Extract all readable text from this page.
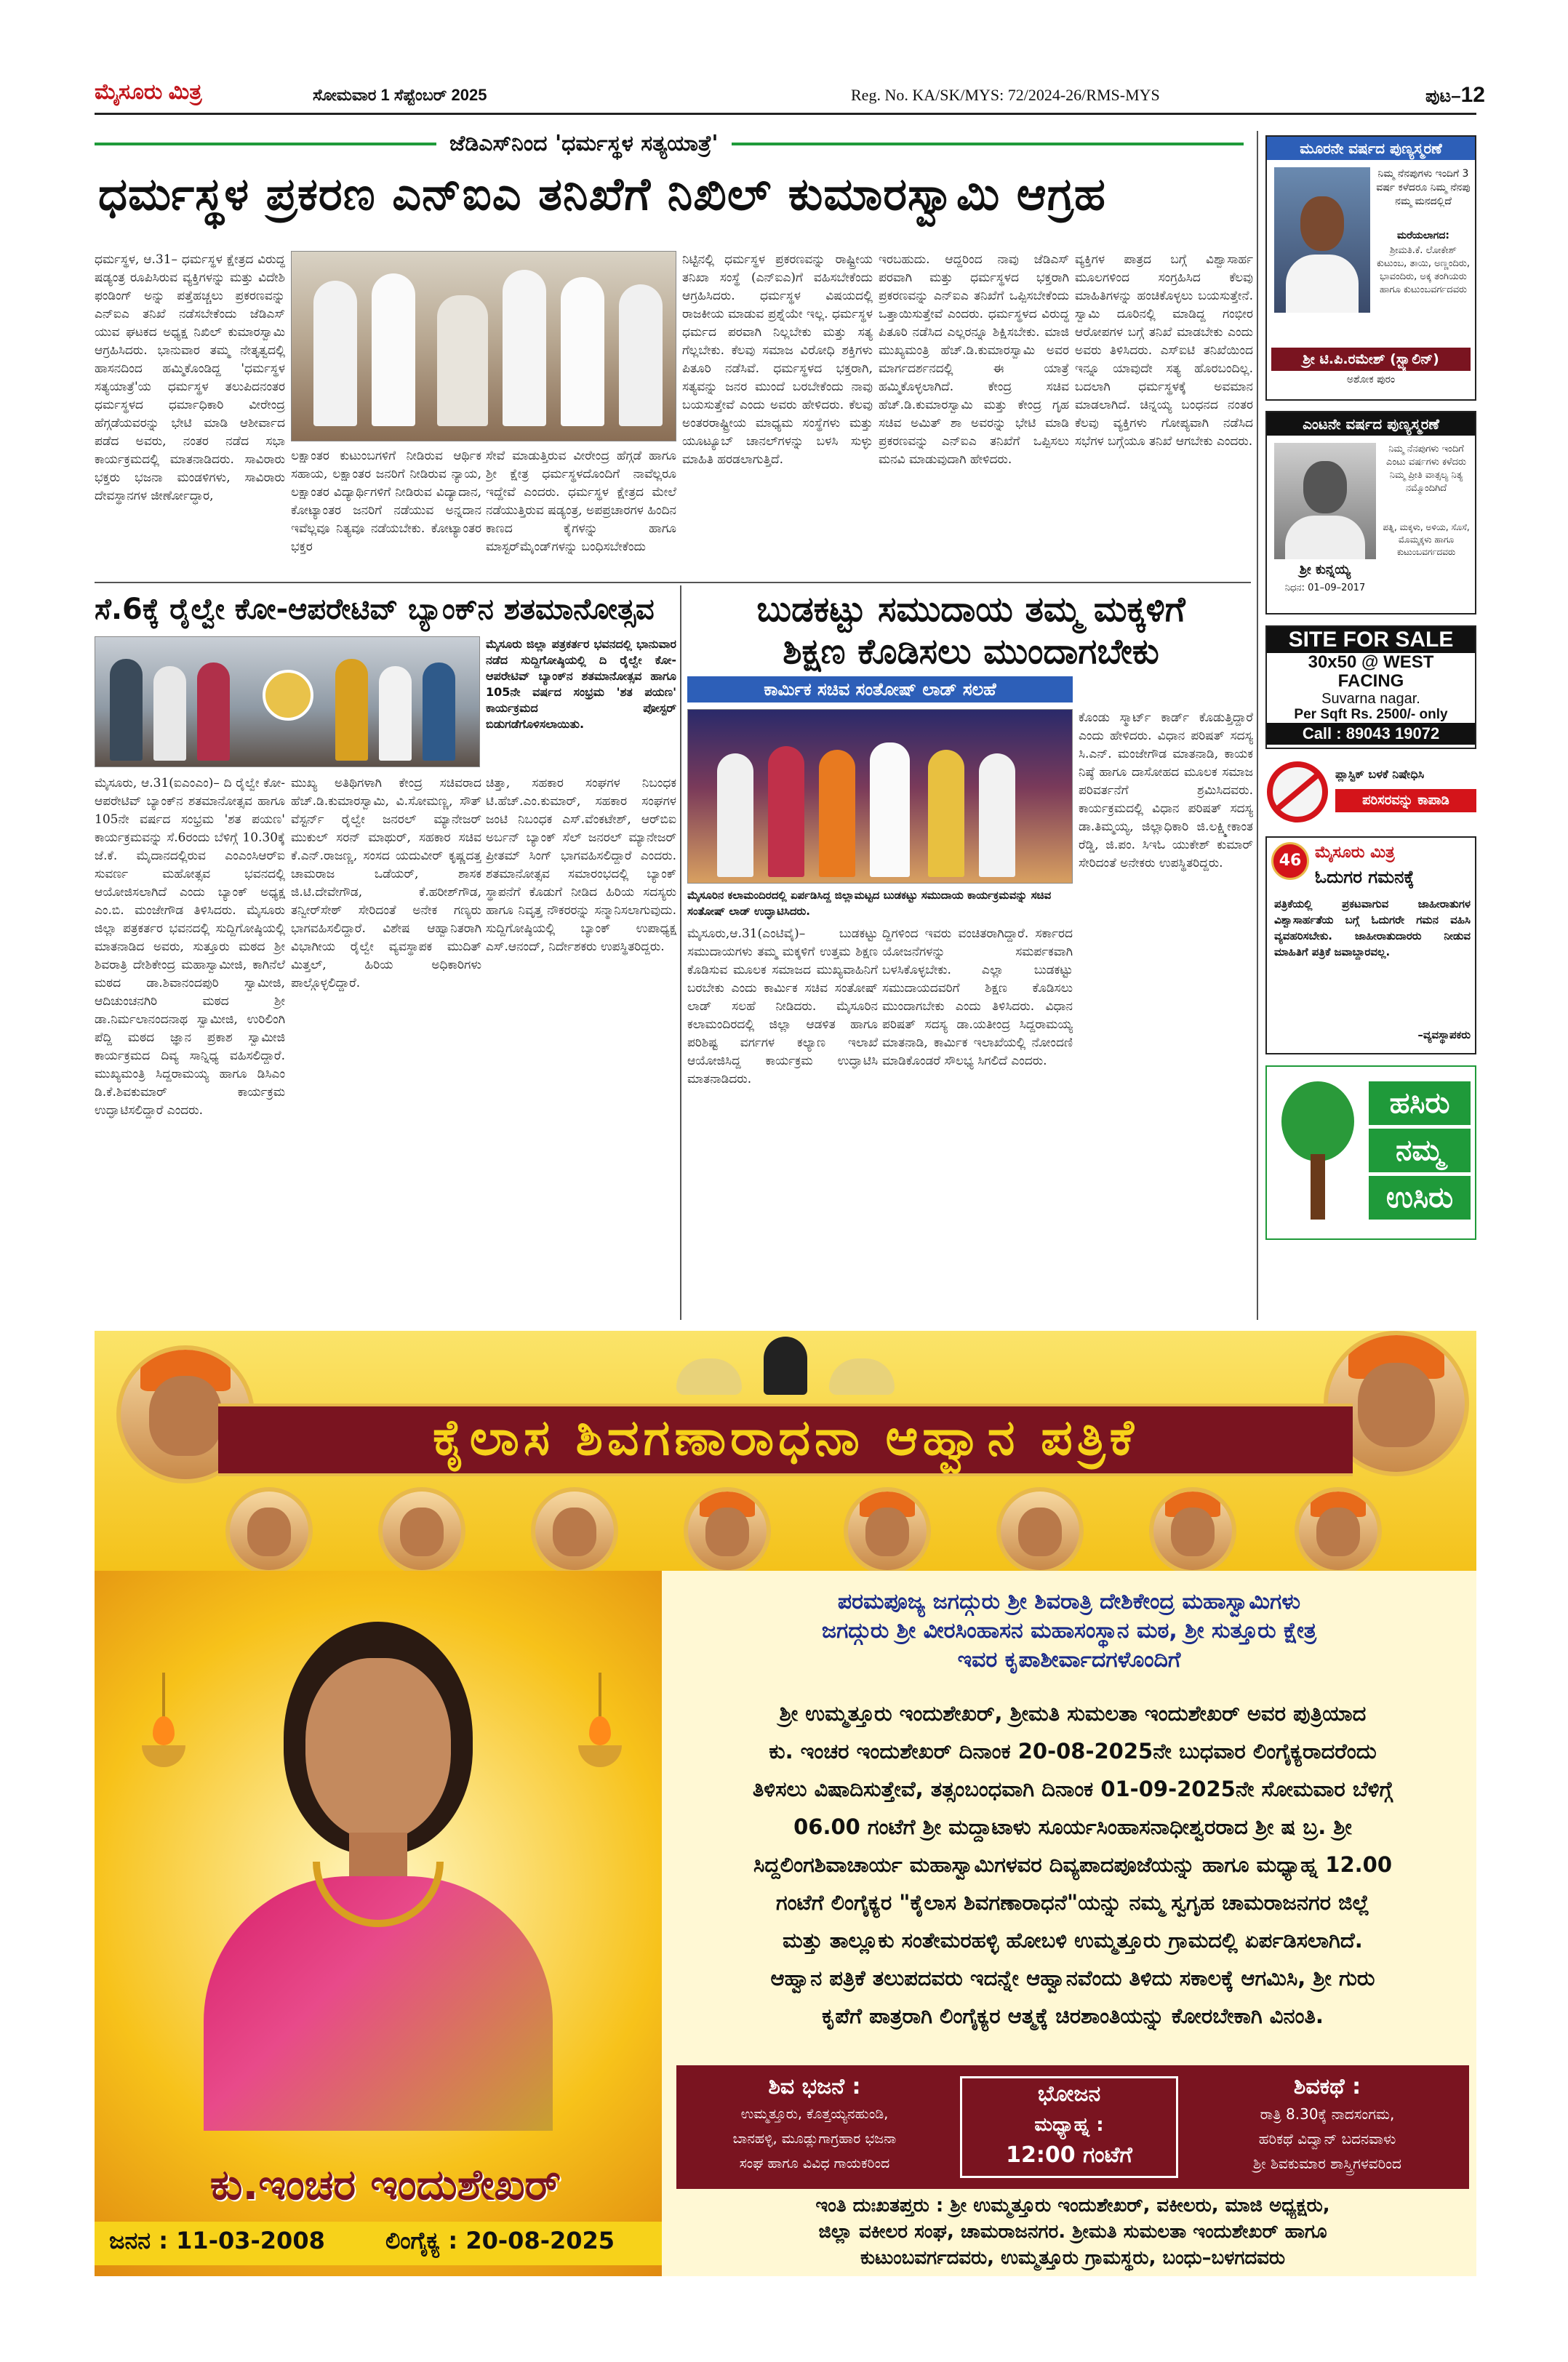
ಮೈಸೂರು ಮಿತ್ರ	ಸೋಮವಾರ 1 ಸೆಪ್ಟೆಂಬರ್ 2025	Reg. No. KA/SK/MYS: 72/2024-26/RMS-MYS	ಪುಟ–12
ಜೆಡಿಎಸ್‌ನಿಂದ 'ಧರ್ಮಸ್ಥಳ ಸತ್ಯಯಾತ್ರೆ'
ಧರ್ಮಸ್ಥಳ ಪ್ರಕರಣ ಎನ್‌ಐಎ ತನಿಖೆಗೆ ನಿಖಿಲ್ ಕುಮಾರಸ್ವಾಮಿ ಆಗ್ರಹ
ಧರ್ಮಸ್ಥಳ, ಆ.31– ಧರ್ಮಸ್ಥಳ ಕ್ಷೇತ್ರದ ವಿರುದ್ಧ ಷಡ್ಯಂತ್ರ ರೂಪಿಸಿರುವ ವ್ಯಕ್ತಿಗಳನ್ನು ಮತ್ತು ವಿದೇಶಿ ಫಂಡಿಂಗ್ ಅನ್ನು ಪತ್ತೆಹಚ್ಚಲು ಪ್ರಕರಣವನ್ನು ಎನ್‌ಐಎ ತನಿಖೆ ನಡೆಸಬೇಕೆಂದು ಜೆಡಿಎಸ್ ಯುವ ಘಟಕದ ಅಧ್ಯಕ್ಷ ನಿಖಿಲ್ ಕುಮಾರಸ್ವಾಮಿ ಆಗ್ರಹಿಸಿದರು. ಭಾನುವಾರ ತಮ್ಮ ನೇತೃತ್ವದಲ್ಲಿ ಹಾಸನದಿಂದ ಹಮ್ಮಿಕೊಂಡಿದ್ದ 'ಧರ್ಮಸ್ಥಳ ಸತ್ಯಯಾತ್ರೆ'ಯ ಧರ್ಮಸ್ಥಳ ತಲುಪಿದನಂತರ ಧರ್ಮಸ್ಥಳದ ಧರ್ಮಾಧಿಕಾರಿ ವೀರೇಂದ್ರ ಹೆಗ್ಗಡೆಯವರನ್ನು ಭೇಟಿ ಮಾಡಿ ಆಶೀರ್ವಾದ ಪಡೆದ ಅವರು, ನಂತರ ನಡೆದ ಸಭಾ ಕಾರ್ಯಕ್ರಮದಲ್ಲಿ ಮಾತನಾಡಿದರು. ಸಾವಿರಾರು ಭಕ್ತರು ಭಜನಾ ಮಂಡಳಿಗಳು, ಸಾವಿರಾರು ದೇವಸ್ಥಾನಗಳ ಜೀರ್ಣೋದ್ಧಾರ,
ಲಕ್ಷಾಂತರ ಕುಟುಂಬಗಳಿಗೆ ನೀಡಿರುವ ಆರ್ಥಿಕ ಸಹಾಯ, ಲಕ್ಷಾಂತರ ಜನರಿಗೆ ನೀಡಿರುವ ನ್ಯಾಯ, ಲಕ್ಷಾಂತರ ವಿದ್ಯಾರ್ಥಿಗಳಿಗೆ ನೀಡಿರುವ ವಿದ್ಯಾದಾನ, ಕೋಟ್ಯಾಂತರ ಜನರಿಗೆ ನಡೆಯುವ ಅನ್ನದಾನ ಇವೆಲ್ಲವೂ ನಿತ್ಯವೂ ನಡೆಯಬೇಕು. ಕೋಟ್ಯಾಂತರ ಭಕ್ತರ
ಸೇವೆ ಮಾಡುತ್ತಿರುವ ವೀರೇಂದ್ರ ಹೆಗ್ಗಡೆ ಹಾಗೂ ಶ್ರೀ ಕ್ಷೇತ್ರ ಧರ್ಮಸ್ಥಳದೊಂದಿಗೆ ನಾವೆಲ್ಲರೂ ಇದ್ದೇವೆ ಎಂದರು. ಧರ್ಮಸ್ಥಳ ಕ್ಷೇತ್ರದ ಮೇಲೆ ನಡೆಯುತ್ತಿರುವ ಷಡ್ಯಂತ್ರ, ಅಪಪ್ರಚಾರಗಳ ಹಿಂದಿನ ಕಾಣದ ಕೈಗಳನ್ನು ಹಾಗೂ ಮಾಸ್ಟರ್‌ಮೈಂಡ್‌ಗಳನ್ನು ಬಂಧಿಸಬೇಕೆಂದು
ನಿಟ್ಟಿನಲ್ಲಿ ಧರ್ಮಸ್ಥಳ ಪ್ರಕರಣವನ್ನು ರಾಷ್ಟ್ರೀಯ ತನಿಖಾ ಸಂಸ್ಥೆ (ಎನ್‌ಐಎ)ಗೆ ವಹಿಸಬೇಕೆಂದು ಆಗ್ರಹಿಸಿದರು. ಧರ್ಮಸ್ಥಳ ವಿಷಯದಲ್ಲಿ ರಾಜಕೀಯ ಮಾಡುವ ಪ್ರಶ್ನೆಯೇ ಇಲ್ಲ. ಧರ್ಮಸ್ಥಳ ಧರ್ಮದ ಪರವಾಗಿ ನಿಲ್ಲಬೇಕು ಮತ್ತು ಸತ್ಯ ಗೆಲ್ಲಬೇಕು. ಕೆಲವು ಸಮಾಜ ವಿರೋಧಿ ಶಕ್ತಿಗಳು ಪಿತೂರಿ ನಡೆಸಿವೆ. ಧರ್ಮಸ್ಥಳದ ಭಕ್ತರಾಗಿ, ಸತ್ಯವನ್ನು ಜನರ ಮುಂದೆ ಬರಬೇಕೆಂದು ನಾವು ಬಯಸುತ್ತೇವೆ ಎಂದು ಅವರು ಹೇಳಿದರು. ಕೆಲವು ಅಂತರರಾಷ್ಟ್ರೀಯ ಮಾಧ್ಯಮ ಸಂಸ್ಥೆಗಳು ಮತ್ತು ಯೂಟ್ಯೂಬ್ ಚಾನಲ್‌ಗಳನ್ನು ಬಳಸಿ ಸುಳ್ಳು ಮಾಹಿತಿ ಹರಡಲಾಗುತ್ತಿದೆ.
ಇರಬಹುದು. ಆದ್ದರಿಂದ ನಾವು ಜೆಡಿಎಸ್ ಪರವಾಗಿ ಮತ್ತು ಧರ್ಮಸ್ಥಳದ ಭಕ್ತರಾಗಿ ಪ್ರಕರಣವನ್ನು ಎನ್‌ಐಎ ತನಿಖೆಗೆ ಒಪ್ಪಿಸಬೇಕೆಂದು ಒತ್ತಾಯಿಸುತ್ತೇವೆ ಎಂದರು. ಧರ್ಮಸ್ಥಳದ ವಿರುದ್ಧ ಪಿತೂರಿ ನಡೆಸಿದ ಎಲ್ಲರನ್ನೂ ಶಿಕ್ಷಿಸಬೇಕು. ಮಾಜಿ ಮುಖ್ಯಮಂತ್ರಿ ಹೆಚ್.ಡಿ.ಕುಮಾರಸ್ವಾಮಿ ಅವರ ಮಾರ್ಗದರ್ಶನದಲ್ಲಿ ಈ ಯಾತ್ರೆ ಹಮ್ಮಿಕೊಳ್ಳಲಾಗಿದೆ. ಕೇಂದ್ರ ಸಚಿವ ಹೆಚ್.ಡಿ.ಕುಮಾರಸ್ವಾಮಿ ಮತ್ತು ಕೇಂದ್ರ ಗೃಹ ಸಚಿವ ಅಮಿತ್ ಶಾ ಅವರನ್ನು ಭೇಟಿ ಮಾಡಿ ಪ್ರಕರಣವನ್ನು ಎನ್‌ಐಎ ತನಿಖೆಗೆ ಒಪ್ಪಿಸಲು ಮನವಿ ಮಾಡುವುದಾಗಿ ಹೇಳಿದರು.
ವ್ಯಕ್ತಿಗಳ ಪಾತ್ರದ ಬಗ್ಗೆ ವಿಶ್ವಾಸಾರ್ಹ ಮೂಲಗಳಿಂದ ಸಂಗ್ರಹಿಸಿದ ಕೆಲವು ಮಾಹಿತಿಗಳನ್ನು ಹಂಚಿಕೊಳ್ಳಲು ಬಯಸುತ್ತೇನೆ. ಸ್ವಾಮಿ ದೂರಿನಲ್ಲಿ ಮಾಡಿದ್ದ ಗಂಭೀರ ಆರೋಪಗಳ ಬಗ್ಗೆ ತನಿಖೆ ಮಾಡಬೇಕು ಎಂದು ಅವರು ತಿಳಿಸಿದರು. ಎಸ್‌ಐಟಿ ತನಿಖೆಯಿಂದ ಇನ್ನೂ ಯಾವುದೇ ಸತ್ಯ ಹೊರಬಂದಿಲ್ಲ. ಬದಲಾಗಿ ಧರ್ಮಸ್ಥಳಕ್ಕೆ ಅವಮಾನ ಮಾಡಲಾಗಿದೆ. ಚಿನ್ನಯ್ಯ ಬಂಧನದ ನಂತರ ಕೆಲವು ವ್ಯಕ್ತಿಗಳು ಗೋಪ್ಯವಾಗಿ ನಡೆಸಿದ ಸಭೆಗಳ ಬಗ್ಗೆಯೂ ತನಿಖೆ ಆಗಬೇಕು ಎಂದರು.
ಸೆ.6ಕ್ಕೆ ರೈಲ್ವೇ ಕೋ-ಆಪರೇಟಿವ್ ಬ್ಯಾಂಕ್‌ನ ಶತಮಾನೋತ್ಸವ
ಮೈಸೂರು ಜಿಲ್ಲಾ ಪತ್ರಕರ್ತರ ಭವನದಲ್ಲಿ ಭಾನುವಾರ ನಡೆದ ಸುದ್ದಿಗೋಷ್ಠಿಯಲ್ಲಿ ದಿ ರೈಲ್ವೇ ಕೋ-ಆಪರೇಟಿವ್ ಬ್ಯಾಂಕ್‌ನ ಶತಮಾನೋತ್ಸವ ಹಾಗೂ 105ನೇ ವರ್ಷದ ಸಂಭ್ರಮ 'ಶತ ಪಯಣ' ಕಾರ್ಯಕ್ರಮದ ಪೋಸ್ಟರ್ ಬಿಡುಗಡೆಗೊಳಿಸಲಾಯಿತು.
ಮೈಸೂರು, ಆ.31(ಐಎಂಎಂ)– ದಿ ರೈಲ್ವೇ ಕೋ-ಆಪರೇಟಿವ್ ಬ್ಯಾಂಕ್‌ನ ಶತಮಾನೋತ್ಸವ ಹಾಗೂ 105ನೇ ವರ್ಷದ ಸಂಭ್ರಮ 'ಶತ ಪಯಣ' ಕಾರ್ಯಕ್ರಮವನ್ನು ಸೆ.6ರಂದು ಬೆಳಿಗ್ಗೆ 10.30ಕ್ಕೆ ಜೆ.ಕೆ. ಮೈದಾನದಲ್ಲಿರುವ ಎಂಎಂಸಿಆರ್‌ಐ ಸುವರ್ಣ ಮಹೋತ್ಸವ ಭವನದಲ್ಲಿ ಆಯೋಜಿಸಲಾಗಿದೆ ಎಂದು ಬ್ಯಾಂಕ್ ಅಧ್ಯಕ್ಷ ಎಂ.ಬಿ. ಮಂಜೇಗೌಡ ತಿಳಿಸಿದರು. ಮೈಸೂರು ಜಿಲ್ಲಾ ಪತ್ರಕರ್ತರ ಭವನದಲ್ಲಿ ಸುದ್ದಿಗೋಷ್ಠಿಯಲ್ಲಿ ಮಾತನಾಡಿದ ಅವರು, ಸುತ್ತೂರು ಮಠದ ಶ್ರೀ ಶಿವರಾತ್ರಿ ದೇಶಿಕೇಂದ್ರ ಮಹಾಸ್ವಾಮೀಜಿ, ಕಾಗಿನೆಲೆ ಮಠದ ಡಾ.ಶಿವಾನಂದಪುರಿ ಸ್ವಾಮೀಜಿ, ಆದಿಚುಂಚನಗಿರಿ ಮಠದ ಶ್ರೀ ಡಾ.ನಿರ್ಮಲಾನಂದನಾಥ ಸ್ವಾಮೀಜಿ, ಉರಿಲಿಂಗಿ ಪೆದ್ದಿ ಮಠದ ಜ್ಞಾನ ಪ್ರಕಾಶ ಸ್ವಾಮೀಜಿ ಕಾರ್ಯಕ್ರಮದ ದಿವ್ಯ ಸಾನ್ನಿಧ್ಯ ವಹಿಸಲಿದ್ದಾರೆ. ಮುಖ್ಯಮಂತ್ರಿ ಸಿದ್ದರಾಮಯ್ಯ ಹಾಗೂ ಡಿಸಿಎಂ ಡಿ.ಕೆ.ಶಿವಕುಮಾರ್ ಕಾರ್ಯಕ್ರಮ ಉದ್ಘಾಟಿಸಲಿದ್ದಾರೆ ಎಂದರು.
ಮುಖ್ಯ ಅತಿಥಿಗಳಾಗಿ ಕೇಂದ್ರ ಸಚಿವರಾದ ಹೆಚ್.ಡಿ.ಕುಮಾರಸ್ವಾಮಿ, ವಿ.ಸೋಮಣ್ಣ, ಸೌತ್ ವೆಸ್ಟರ್ನ್ ರೈಲ್ವೇ ಜನರಲ್ ಮ್ಯಾನೇಜರ್ ಮುಕುಲ್ ಸರನ್ ಮಾಥುರ್, ಸಹಕಾರ ಸಚಿವ ಕೆ.ಎನ್.ರಾಜಣ್ಣ, ಸಂಸದ ಯದುವೀರ್ ಕೃಷ್ಣದತ್ತ ಚಾಮರಾಜ ಒಡೆಯರ್, ಶಾಸಕ ಜಿ.ಟಿ.ದೇವೇಗೌಡ, ಕೆ.ಹರೀಶ್‌ಗೌಡ, ತನ್ವೀರ್‌ಸೇಠ್ ಸೇರಿದಂತೆ ಅನೇಕ ಗಣ್ಯರು ಭಾಗವಹಿಸಲಿದ್ದಾರೆ. ವಿಶೇಷ ಆಹ್ವಾನಿತರಾಗಿ ವಿಭಾಗೀಯ ರೈಲ್ವೇ ವ್ಯವಸ್ಥಾಪಕ ಮುದಿತ್ ಮಿತ್ತಲ್, ಹಿರಿಯ ಅಧಿಕಾರಿಗಳು ಪಾಲ್ಗೊಳ್ಳಲಿದ್ದಾರೆ.
ಚಿತ್ತಾ, ಸಹಕಾರ ಸಂಘಗಳ ನಿಬಂಧಕ ಟಿ.ಹೆಚ್.ಎಂ.ಕುಮಾರ್, ಸಹಕಾರ ಸಂಘಗಳ ಜಂಟಿ ನಿಬಂಧಕ ಎಸ್.ವೆಂಕಟೇಶ್, ಆರ್‌ಬಿಐ ಅರ್ಬನ್ ಬ್ಯಾಂಕ್ ಸೆಲ್ ಜನರಲ್ ಮ್ಯಾನೇಜರ್ ಪ್ರೀತಮ್ ಸಿಂಗ್ ಭಾಗವಹಿಸಲಿದ್ದಾರೆ ಎಂದರು. ಶತಮಾನೋತ್ಸವ ಸಮಾರಂಭದಲ್ಲಿ ಬ್ಯಾಂಕ್ ಸ್ಥಾಪನೆಗೆ ಕೊಡುಗೆ ನೀಡಿದ ಹಿರಿಯ ಸದಸ್ಯರು ಹಾಗೂ ನಿವೃತ್ತ ನೌಕರರನ್ನು ಸನ್ಮಾನಿಸಲಾಗುವುದು. ಸುದ್ದಿಗೋಷ್ಠಿಯಲ್ಲಿ ಬ್ಯಾಂಕ್ ಉಪಾಧ್ಯಕ್ಷ ಎಸ್.ಆನಂದ್, ನಿರ್ದೇಶಕರು ಉಪಸ್ಥಿತರಿದ್ದರು.
ಬುಡಕಟ್ಟು ಸಮುದಾಯ ತಮ್ಮ ಮಕ್ಕಳಿಗೆ
ಶಿಕ್ಷಣ ಕೊಡಿಸಲು ಮುಂದಾಗಬೇಕು
ಕಾರ್ಮಿಕ ಸಚಿವ ಸಂತೋಷ್ ಲಾಡ್ ಸಲಹೆ
ಮೈಸೂರಿನ ಕಲಾಮಂದಿರದಲ್ಲಿ ಏರ್ಪಡಿಸಿದ್ದ ಜಿಲ್ಲಾಮಟ್ಟದ ಬುಡಕಟ್ಟು ಸಮುದಾಯ ಕಾರ್ಯಕ್ರಮವನ್ನು ಸಚಿವ ಸಂತೋಷ್ ಲಾಡ್ ಉದ್ಘಾಟಿಸಿದರು.
ಮೈಸೂರು,ಆ.31(ಎಂಟಿವೈ)– ಬುಡಕಟ್ಟು ಸಮುದಾಯಗಳು ತಮ್ಮ ಮಕ್ಕಳಿಗೆ ಉತ್ತಮ ಶಿಕ್ಷಣ ಕೊಡಿಸುವ ಮೂಲಕ ಸಮಾಜದ ಮುಖ್ಯವಾಹಿನಿಗೆ ಬರಬೇಕು ಎಂದು ಕಾರ್ಮಿಕ ಸಚಿವ ಸಂತೋಷ್ ಲಾಡ್ ಸಲಹೆ ನೀಡಿದರು. ಮೈಸೂರಿನ ಕಲಾಮಂದಿರದಲ್ಲಿ ಜಿಲ್ಲಾ ಆಡಳಿತ ಹಾಗೂ ಪರಿಶಿಷ್ಟ ವರ್ಗಗಳ ಕಲ್ಯಾಣ ಇಲಾಖೆ ಆಯೋಜಿಸಿದ್ದ ಕಾರ್ಯಕ್ರಮ ಉದ್ಘಾಟಿಸಿ ಮಾತನಾಡಿದರು.
ದ್ದಿಗಳಿಂದ ಇವರು ವಂಚಿತರಾಗಿದ್ದಾರೆ. ಸರ್ಕಾರದ ಯೋಜನೆಗಳನ್ನು ಸಮರ್ಪಕವಾಗಿ ಬಳಸಿಕೊಳ್ಳಬೇಕು. ಎಲ್ಲಾ ಬುಡಕಟ್ಟು ಸಮುದಾಯದವರಿಗೆ ಶಿಕ್ಷಣ ಕೊಡಿಸಲು ಮುಂದಾಗಬೇಕು ಎಂದು ತಿಳಿಸಿದರು. ವಿಧಾನ ಪರಿಷತ್ ಸದಸ್ಯ ಡಾ.ಯತೀಂದ್ರ ಸಿದ್ದರಾಮಯ್ಯ ಮಾತನಾಡಿ, ಕಾರ್ಮಿಕ ಇಲಾಖೆಯಲ್ಲಿ ನೋಂದಣಿ ಮಾಡಿಕೊಂಡರೆ ಸೌಲಭ್ಯ ಸಿಗಲಿದೆ ಎಂದರು.
ಕೊಂಡು ಸ್ಮಾರ್ಟ್ ಕಾರ್ಡ್ ಕೊಡುತ್ತಿದ್ದಾರೆ ಎಂದು ಹೇಳಿದರು. ವಿಧಾನ ಪರಿಷತ್ ಸದಸ್ಯ ಸಿ.ಎನ್. ಮಂಜೇಗೌಡ ಮಾತನಾಡಿ, ಕಾಯಕ ನಿಷ್ಠೆ ಹಾಗೂ ದಾಸೋಹದ ಮೂಲಕ ಸಮಾಜ ಪರಿವರ್ತನೆಗೆ ಶ್ರಮಿಸಿದವರು. ಕಾರ್ಯಕ್ರಮದಲ್ಲಿ ವಿಧಾನ ಪರಿಷತ್ ಸದಸ್ಯ ಡಾ.ತಿಮ್ಮಯ್ಯ, ಜಿಲ್ಲಾಧಿಕಾರಿ ಜಿ.ಲಕ್ಷ್ಮೀಕಾಂತ ರೆಡ್ಡಿ, ಜಿ.ಪಂ. ಸಿಇಓ ಯುಕೇಶ್ ಕುಮಾರ್ ಸೇರಿದಂತೆ ಅನೇಕರು ಉಪಸ್ಥಿತರಿದ್ದರು.
ಮೂರನೇ ವರ್ಷದ ಪುಣ್ಯಸ್ಮರಣೆ
ನಿಮ್ಮ ನೆನಪುಗಳು ಇಂದಿಗೆ 3 ವರ್ಷ ಕಳೆದರೂ ನಿಮ್ಮ ನೆನಪು ನಮ್ಮ ಮನದಲ್ಲಿದೆ
ಮರೆಯಲಾಗದ:
ಶ್ರೀಮತಿ.ಕೆ. ಲೋಕೇಶ್ ಕುಟುಂಬ, ತಾಯಿ, ಅಣ್ಣಂದಿರು, ಭಾವಂದಿರು, ಅಕ್ಕ ತಂಗಿಯರು ಹಾಗೂ ಕುಟುಂಬವರ್ಗದವರು
ಶ್ರೀ ಟಿ.ಪಿ.ರಮೇಶ್ (ಸ್ಟ್ಯಾಲಿನ್)
ಅಶೋಕ ಪುರಂ
ಎಂಟನೇ ವರ್ಷದ ಪುಣ್ಯಸ್ಮರಣೆ
ನಿಮ್ಮ ನೆನಪುಗಳು ಇಂದಿಗೆ ಎಂಟು ವರ್ಷಗಳು ಕಳೆದರು ನಿಮ್ಮ ಪ್ರೀತಿ ವಾತ್ಸಲ್ಯ ನಿತ್ಯ ನಮ್ಮೊಂದಿಗಿದೆ
ಪತ್ನಿ, ಮಕ್ಕಳು, ಅಳಿಯ, ಸೊಸೆ, ಮೊಮ್ಮಕ್ಕಳು ಹಾಗೂ ಕುಟುಂಬವರ್ಗದವರು
ಶ್ರೀ ಕುನ್ನಯ್ಯ
ನಿಧನ: 01–09–2017
SITE FOR SALE
30x50 @ WEST
FACING
Suvarna nagar.
Per Sqft Rs. 2500/- only
Call : 89043 19072
ಪ್ಲಾಸ್ಟಿಕ್ ಬಳಕೆ ನಿಷೇಧಿಸಿ
ಪರಿಸರವನ್ನು ಕಾಪಾಡಿ
46 ಮೈಸೂರು ಮಿತ್ರ
ಓದುಗರ ಗಮನಕ್ಕೆ
ಪತ್ರಿಕೆಯಲ್ಲಿ ಪ್ರಕಟವಾಗುವ ಜಾಹೀರಾತುಗಳ ವಿಶ್ವಾಸಾರ್ಹತೆಯ ಬಗ್ಗೆ ಓದುಗರೇ ಗಮನ ವಹಿಸಿ ವ್ಯವಹರಿಸಬೇಕು. ಜಾಹೀರಾತುದಾರರು ನೀಡುವ ಮಾಹಿತಿಗೆ ಪತ್ರಿಕೆ ಜವಾಬ್ದಾರವಲ್ಲ.
–ವ್ಯವಸ್ಥಾಪಕರು
ಹಸಿರು
ನಮ್ಮ
ಉಸಿರು
ಕೈಲಾಸ ಶಿವಗಣಾರಾಧನಾ ಆಹ್ವಾನ ಪತ್ರಿಕೆ
ಕು.ಇಂಚರ ಇಂದುಶೇಖರ್
ಜನನ : 11-03-2008	ಲಿಂಗೈಕ್ಯ : 20-08-2025
ಪರಮಪೂಜ್ಯ ಜಗದ್ಗುರು ಶ್ರೀ ಶಿವರಾತ್ರಿ ದೇಶಿಕೇಂದ್ರ ಮಹಾಸ್ವಾಮಿಗಳು
ಜಗದ್ಗುರು ಶ್ರೀ ವೀರಸಿಂಹಾಸನ ಮಹಾಸಂಸ್ಥಾನ ಮಠ, ಶ್ರೀ ಸುತ್ತೂರು ಕ್ಷೇತ್ರ
ಇವರ ಕೃಪಾಶೀರ್ವಾದಗಳೊಂದಿಗೆ
ಶ್ರೀ ಉಮ್ಮತ್ತೂರು ಇಂದುಶೇಖರ್, ಶ್ರೀಮತಿ ಸುಮಲತಾ ಇಂದುಶೇಖರ್ ಅವರ ಪುತ್ರಿಯಾದ
ಕು. ಇಂಚರ ಇಂದುಶೇಖರ್ ದಿನಾಂಕ 20-08-2025ನೇ ಬುಧವಾರ ಲಿಂಗೈಕ್ಯರಾದರೆಂದು
ತಿಳಿಸಲು ವಿಷಾದಿಸುತ್ತೇವೆ, ತತ್ಸಂಬಂಧವಾಗಿ ದಿನಾಂಕ 01-09-2025ನೇ ಸೋಮವಾರ ಬೆಳಿಗ್ಗೆ
06.00 ಗಂಟೆಗೆ ಶ್ರೀ ಮದ್ದಾಟಾಳು ಸೂರ್ಯಸಿಂಹಾಸನಾಧೀಶ್ವರರಾದ ಶ್ರೀ ಷ ಬ್ರ. ಶ್ರೀ
ಸಿದ್ದಲಿಂಗಶಿವಾಚಾರ್ಯ ಮಹಾಸ್ವಾಮಿಗಳವರ ದಿವ್ಯಪಾದಪೂಜೆಯನ್ನು ಹಾಗೂ ಮಧ್ಯಾಹ್ನ 12.00
ಗಂಟೆಗೆ ಲಿಂಗೈಕ್ಯರ "ಕೈಲಾಸ ಶಿವಗಣಾರಾಧನೆ"ಯನ್ನು ನಮ್ಮ ಸ್ವಗೃಹ ಚಾಮರಾಜನಗರ ಜಿಲ್ಲೆ
ಮತ್ತು ತಾಲ್ಲೂಕು ಸಂತೇಮರಹಳ್ಳಿ ಹೋಬಳಿ ಉಮ್ಮತ್ತೂರು ಗ್ರಾಮದಲ್ಲಿ ಏರ್ಪಡಿಸಲಾಗಿದೆ.
ಆಹ್ವಾನ ಪತ್ರಿಕೆ ತಲುಪದವರು ಇದನ್ನೇ ಆಹ್ವಾನವೆಂದು ತಿಳಿದು ಸಕಾಲಕ್ಕೆ ಆಗಮಿಸಿ, ಶ್ರೀ ಗುರು
ಕೃಪೆಗೆ ಪಾತ್ರರಾಗಿ ಲಿಂಗೈಕ್ಯರ ಆತ್ಮಕ್ಕೆ ಚಿರಶಾಂತಿಯನ್ನು ಕೋರಬೇಕಾಗಿ ವಿನಂತಿ.
ಶಿವ ಭಜನೆ :
ಉಮ್ಮತ್ತೂರು, ಕೊತ್ತಯ್ಯನಹುಂಡಿ,
ಬಾನಹಳ್ಳಿ, ಮೂಡ್ಲುಗಾಗ್ರಹಾರ ಭಜನಾ
ಸಂಘ ಹಾಗೂ ವಿವಿಧ ಗಾಯಕರಿಂದ
ಭೋಜನ
ಮಧ್ಯಾಹ್ನ :
12:00 ಗಂಟೆಗೆ
ಶಿವಕಥೆ :
ರಾತ್ರಿ 8.30ಕ್ಕೆ ನಾದಸಂಗಮ,
ಹರಿಕಥೆ ವಿದ್ವಾನ್ ಬದನವಾಳು
ಶ್ರೀ ಶಿವಕುಮಾರ ಶಾಸ್ತ್ರಿಗಳವರಿಂದ
ಇಂತಿ ದುಃಖತಪ್ತರು : ಶ್ರೀ ಉಮ್ಮತ್ತೂರು ಇಂದುಶೇಖರ್, ವಕೀಲರು, ಮಾಜಿ ಅಧ್ಯಕ್ಷರು,
ಜಿಲ್ಲಾ ವಕೀಲರ ಸಂಘ, ಚಾಮರಾಜನಗರ. ಶ್ರೀಮತಿ ಸುಮಲತಾ ಇಂದುಶೇಖರ್ ಹಾಗೂ
ಕುಟುಂಬವರ್ಗದವರು, ಉಮ್ಮತ್ತೂರು ಗ್ರಾಮಸ್ಥರು, ಬಂಧು–ಬಳಗದವರು
